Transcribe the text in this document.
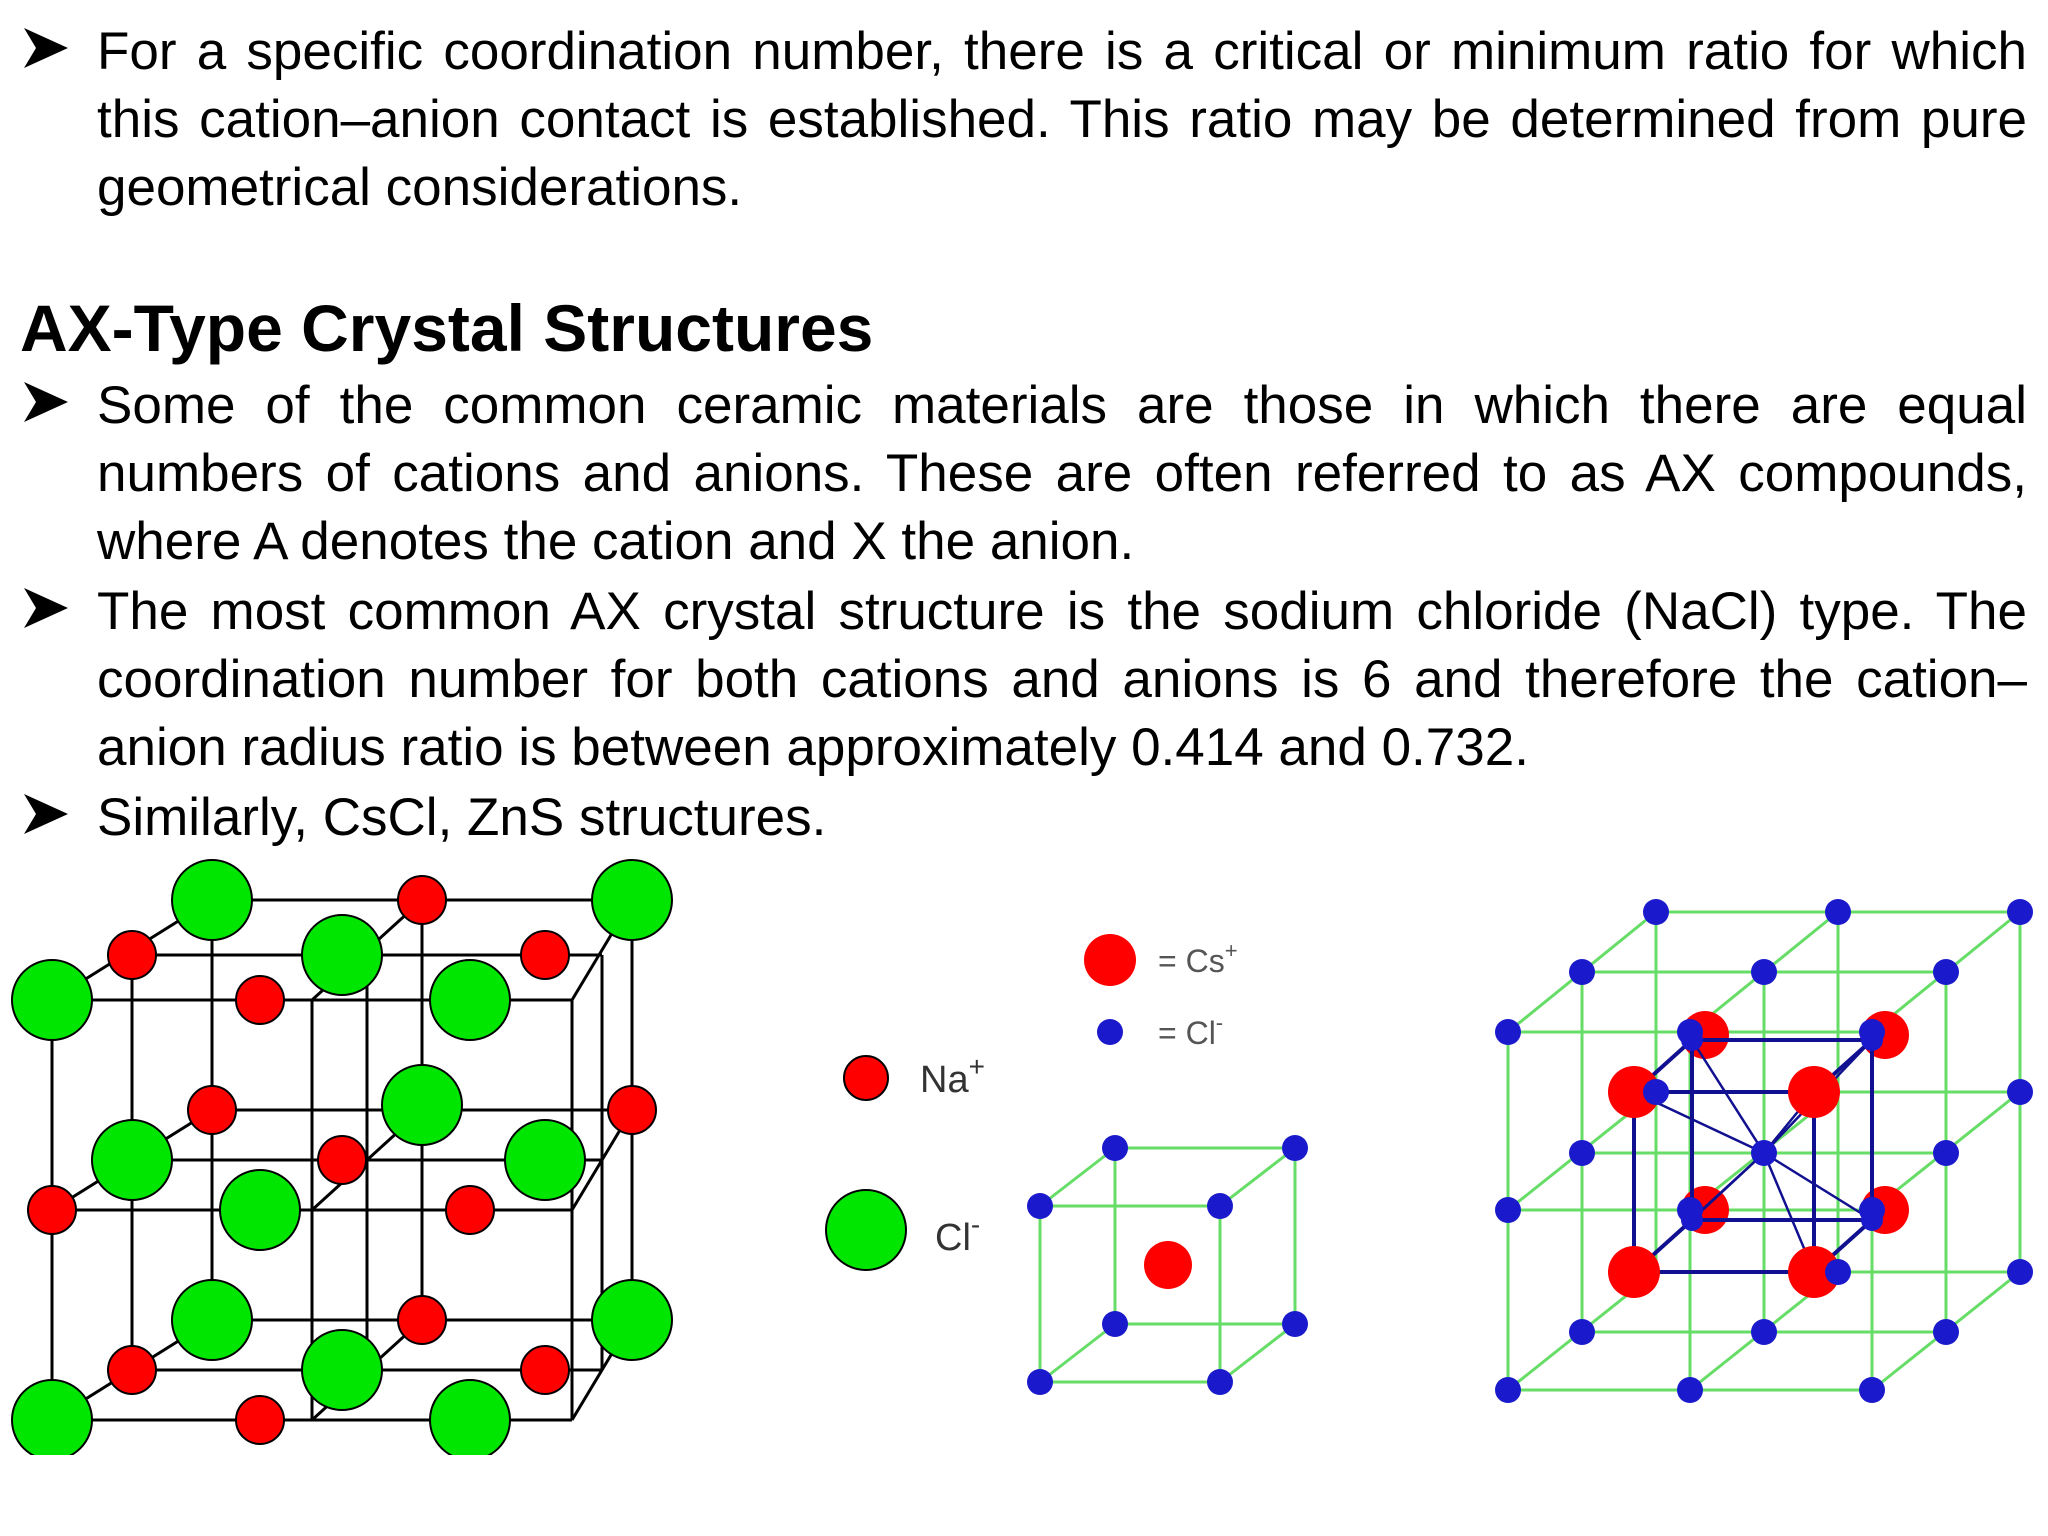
For a specific coordination number, there is a critical or minimum ratio for which this cation–anion contact is established. This ratio may be determined from pure geometrical considerations.

AX-Type Crystal Structures

Some of the common ceramic materials are those in which there are equal numbers of cations and anions. These are often referred to as AX compounds, where A denotes the cation and X the anion.

The most common AX crystal structure is the sodium chloride (NaCl) type. The coordination number for both cations and anions is 6 and therefore the cation–anion radius ratio is between approximately 0.414 and 0.732.

Similarly, CsCl, ZnS structures.

Na+
Cl-
= Cs+
= Cl-
